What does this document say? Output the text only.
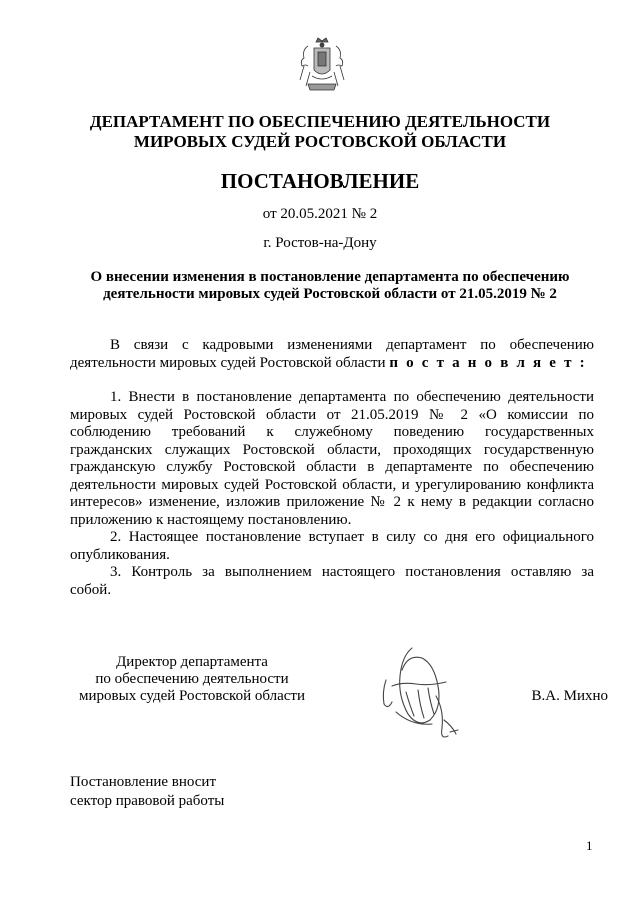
ДЕПАРТАМЕНТ ПО ОБЕСПЕЧЕНИЮ ДЕЯТЕЛЬНОСТИ
МИРОВЫХ СУДЕЙ РОСТОВСКОЙ ОБЛАСТИ
ПОСТАНОВЛЕНИЕ
от 20.05.2021 № 2
г. Ростов-на-Дону
О внесении изменения в постановление департамента по обеспечению
деятельности мировых судей Ростовской области от 21.05.2019 № 2

В связи с кадровыми изменениями департамент по обеспечению деятельности мировых судей Ростовской области п о с т а н о в л я е т :

1. Внести в постановление департамента по обеспечению деятельности мировых судей Ростовской области от 21.05.2019 № 2 «О комиссии по соблюдению требований к служебному поведению государственных гражданских служащих Ростовской области, проходящих государственную гражданскую службу Ростовской области в департаменте по обеспечению деятельности мировых судей Ростовской области, и урегулированию конфликта интересов» изменение, изложив приложение № 2 к нему в редакции согласно приложению к настоящему постановлению.

2. Настоящее постановление вступает в силу со дня его официального опубликования.

3. Контроль за выполнением настоящего постановления оставляю за собой.

Директор департамента
по обеспечению деятельности
мировых судей Ростовской области	В.А. Михно
Постановление вносит
сектор правовой работы
1
